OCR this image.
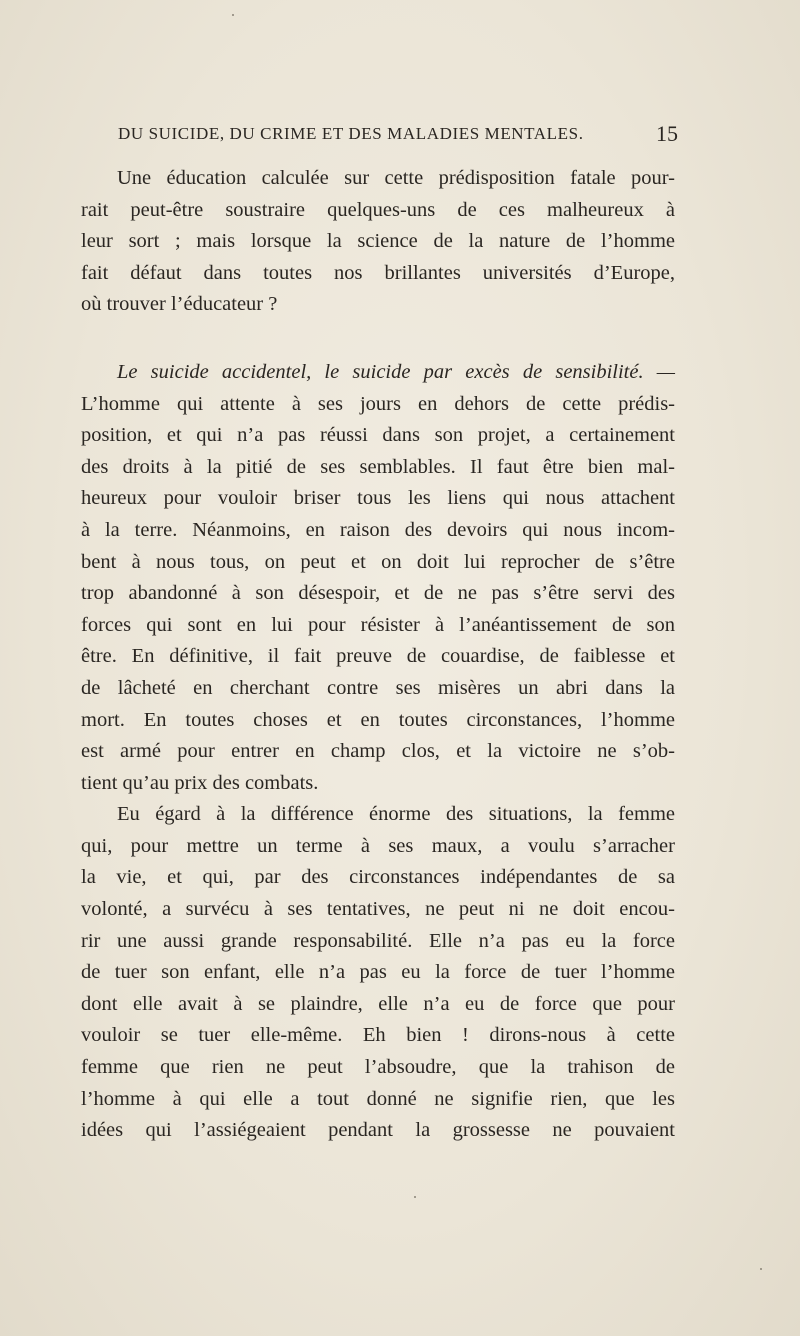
DU SUICIDE, DU CRIME ET DES MALADIES MENTALES.	15
Une éducation calculée sur cette prédisposition fatale pour-
rait peut-être soustraire quelques-uns de ces malheureux à
leur sort ; mais lorsque la science de la nature de l’homme
fait défaut dans toutes nos brillantes universités d’Europe,
où trouver l’éducateur ?
Le suicide accidentel, le suicide par excès de sensibilité. —
L’homme qui attente à ses jours en dehors de cette prédis-
position, et qui n’a pas réussi dans son projet, a certainement
des droits à la pitié de ses semblables. Il faut être bien mal-
heureux pour vouloir briser tous les liens qui nous attachent
à la terre. Néanmoins, en raison des devoirs qui nous incom-
bent à nous tous, on peut et on doit lui reprocher de s’être
trop abandonné à son désespoir, et de ne pas s’être servi des
forces qui sont en lui pour résister à l’anéantissement de son
être. En définitive, il fait preuve de couardise, de faiblesse et
de lâcheté en cherchant contre ses misères un abri dans la
mort. En toutes choses et en toutes circonstances, l’homme
est armé pour entrer en champ clos, et la victoire ne s’ob-
tient qu’au prix des combats.
Eu égard à la différence énorme des situations, la femme
qui, pour mettre un terme à ses maux, a voulu s’arracher
la vie, et qui, par des circonstances indépendantes de sa
volonté, a survécu à ses tentatives, ne peut ni ne doit encou-
rir une aussi grande responsabilité. Elle n’a pas eu la force
de tuer son enfant, elle n’a pas eu la force de tuer l’homme
dont elle avait à se plaindre, elle n’a eu de force que pour
vouloir se tuer elle-même. Eh bien ! dirons-nous à cette
femme que rien ne peut l’absoudre, que la trahison de
l’homme à qui elle a tout donné ne signifie rien, que les
idées qui l’assiégeaient pendant la grossesse ne pouvaient
